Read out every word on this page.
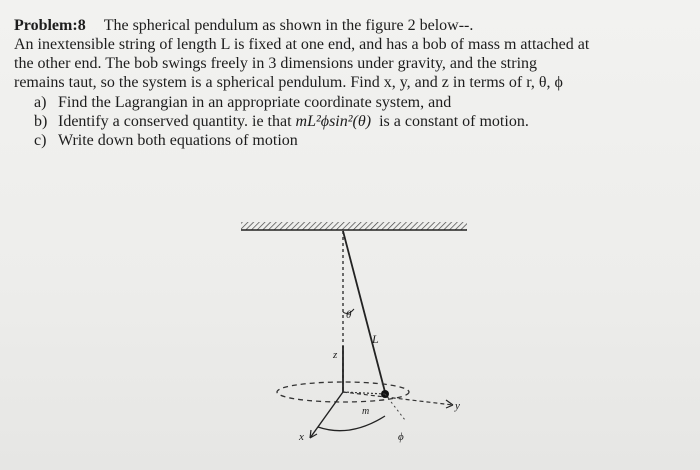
Problem:8 The spherical pendulum as shown in the figure 2 below--.
An inextensible string of length L is fixed at one end, and has a bob of mass m attached at
the other end. The bob swings freely in 3 dimensions under gravity, and the string
remains taut, so the system is a spherical pendulum. Find x, y, and z in terms of r, θ, ϕ
a) Find the Lagrangian in an appropriate coordinate system, and
b) Identify a conserved quantity. ie that mL²ϕsin²(θ)  is a constant of motion.
c) Write down both equations of motion
θ
L
z
m	y
x	ϕ
